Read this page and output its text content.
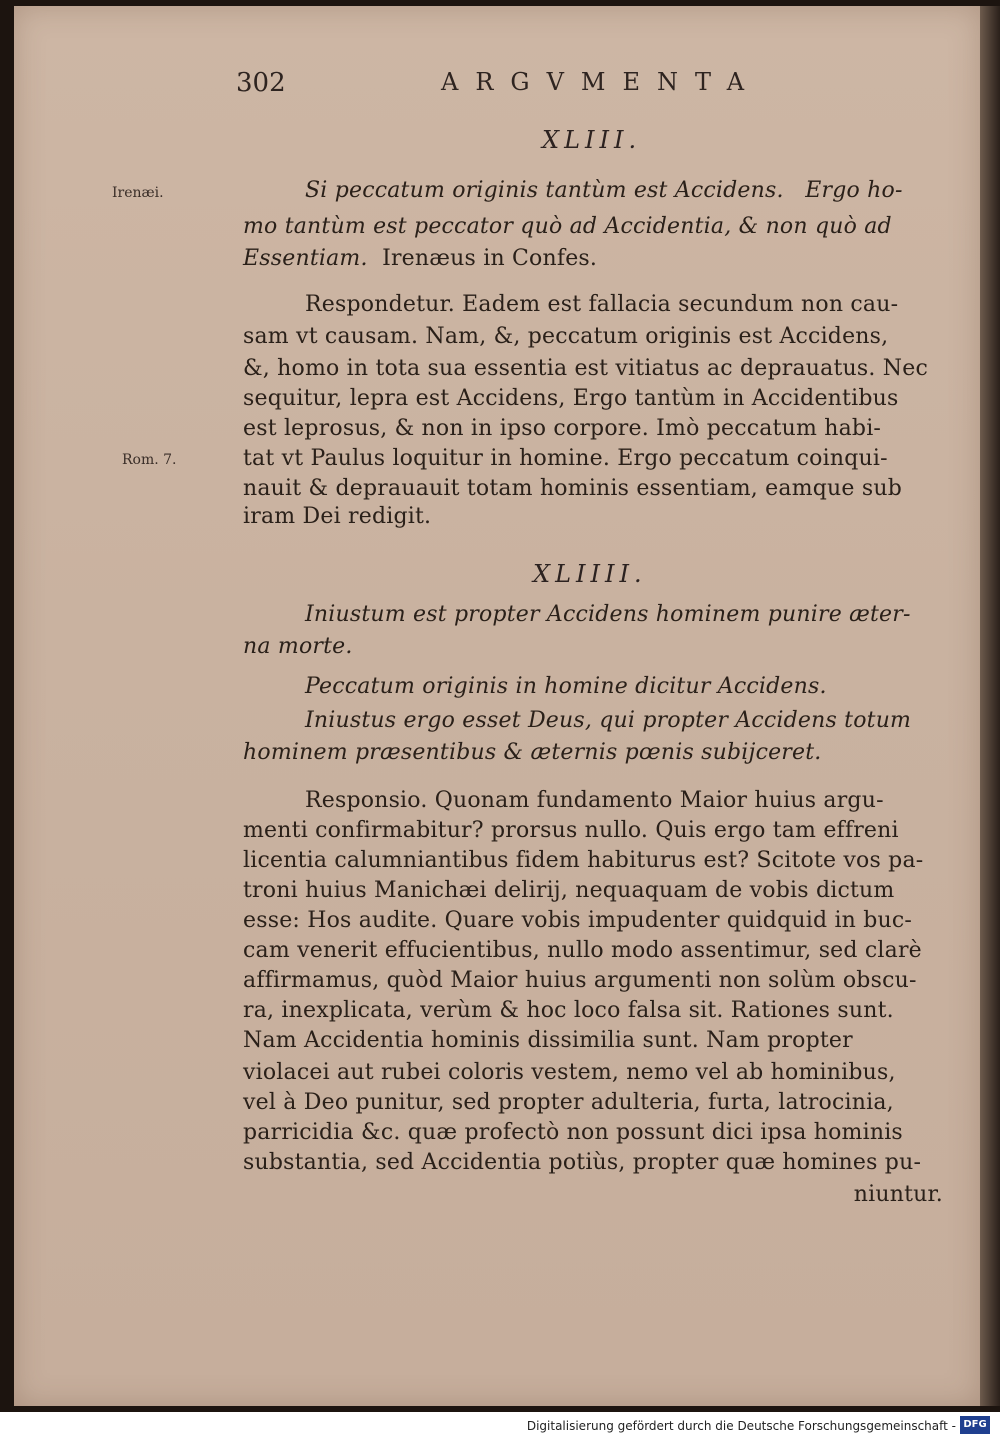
302	ARGVMENTA
XLIII.
Irenæi.
Rom. 7.
Si peccatum originis tantùm est Accidens. Ergo ho-
mo tantùm est peccator quò ad Accidentia, & non quò ad
Essentiam. Irenæus in Confes.
Respondetur. Eadem est fallacia secundum non cau-
sam vt causam. Nam, &, peccatum originis est Accidens,
&, homo in tota sua essentia est vitiatus ac deprauatus. Nec
sequitur, lepra est Accidens, Ergo tantùm in Accidentibus
est leprosus, & non in ipso corpore. Imò peccatum habi-
tat vt Paulus loquitur in homine. Ergo peccatum coinqui-
nauit & deprauauit totam hominis essentiam, eamque sub
iram Dei redigit.
XLIIII.
Iniustum est propter Accidens hominem punire æter-
na morte.
Peccatum originis in homine dicitur Accidens.
Iniustus ergo esset Deus, qui propter Accidens totum
hominem præsentibus & æternis pœnis subijceret.
Responsio. Quonam fundamento Maior huius argu-
menti confirmabitur? prorsus nullo. Quis ergo tam effreni
licentia calumniantibus fidem habiturus est? Scitote vos pa-
troni huius Manichæi delirij, nequaquam de vobis dictum
esse: Hos audite. Quare vobis impudenter quidquid in buc-
cam venerit effucientibus, nullo modo assentimur, sed clarè
affirmamus, quòd Maior huius argumenti non solùm obscu-
ra, inexplicata, verùm & hoc loco falsa sit. Rationes sunt.
Nam Accidentia hominis dissimilia sunt. Nam propter
violacei aut rubei coloris vestem, nemo vel ab hominibus,
vel à Deo punitur, sed propter adulteria, furta, latrocinia,
parricidia &c. quæ profectò non possunt dici ipsa hominis
substantia, sed Accidentia potiùs, propter quæ homines pu-
niuntur.
Digitalisierung gefördert durch die Deutsche Forschungsgemeinschaft - DFG
